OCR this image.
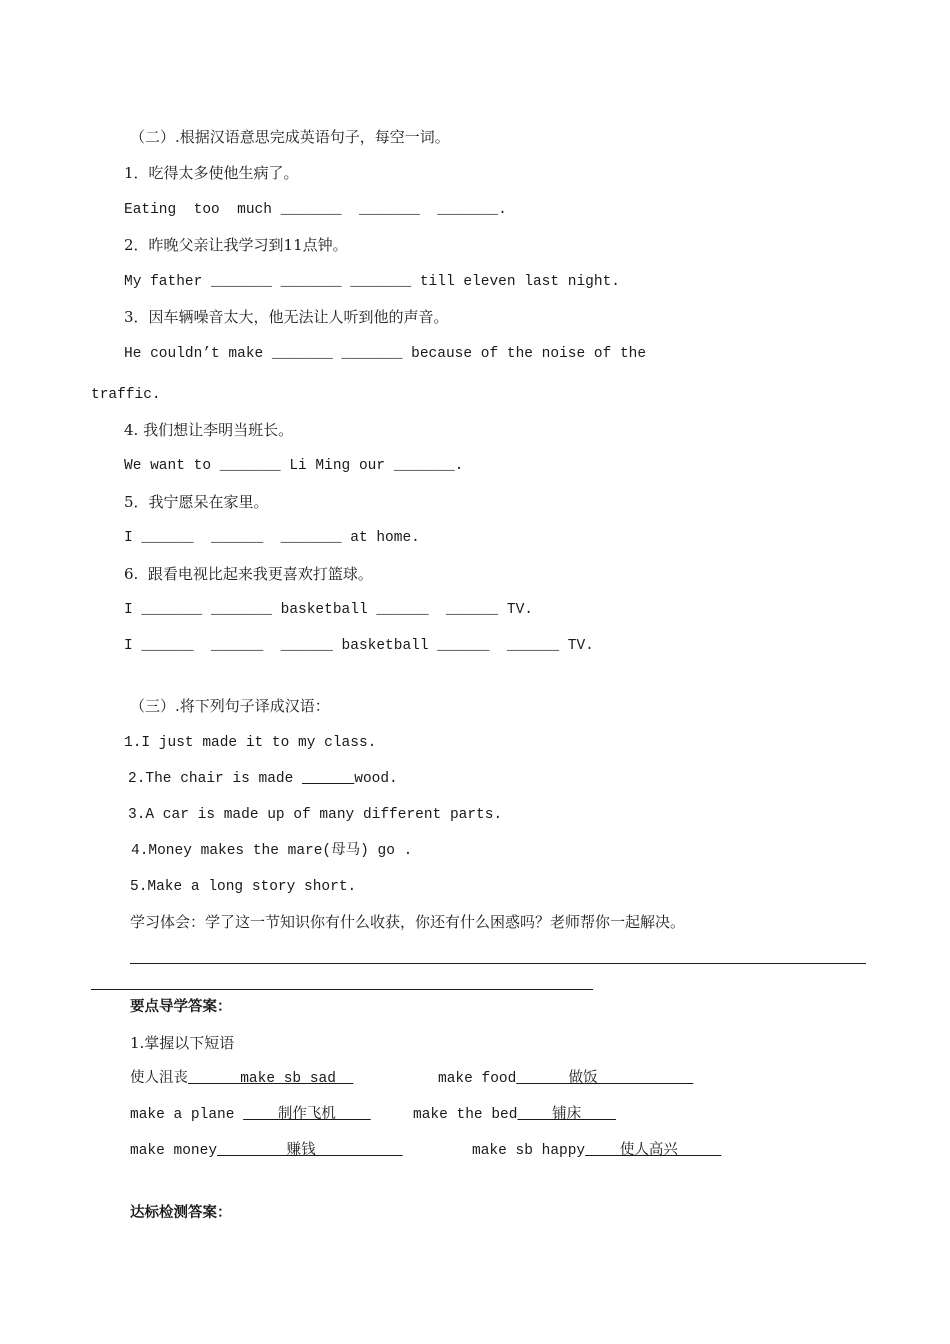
（二）.根据汉语意思完成英语句子，每空一词。
1．吃得太多使他生病了。
Eating  too  much _______  _______  _______.
2．昨晚父亲让我学习到11点钟。
My father _______ _______ _______ till eleven last night.
3．因车辆噪音太大，他无法让人听到他的声音。
He couldn’t make _______ _______ because of the noise of the
traffic.
4. 我们想让李明当班长。
We want to _______ Li Ming our _______.
5．我宁愿呆在家里。
I ______  ______  _______ at home.
6.  跟看电视比起来我更喜欢打篮球。
I _______ _______ basketball ______  ______ TV.
I ______  ______  ______ basketball ______  ______ TV.
（三）.将下列句子译成汉语：
1.I just made it to my class.
2.The chair is made	wood.
3.A car is made up of many different parts.
4.Money makes the mare(母马) go .
5.Make a long story short.
学习体会：学了这一节知识你有什么收获，你还有什么困惑吗？老师帮你一起解决。
要点导学答案：
1.掌握以下短语
使人沮丧      make sb sad	make food      做饭
make a plane     制作飞机	make the bed    铺床
make money        赚钱	make sb happy    使人高兴
达标检测答案：
